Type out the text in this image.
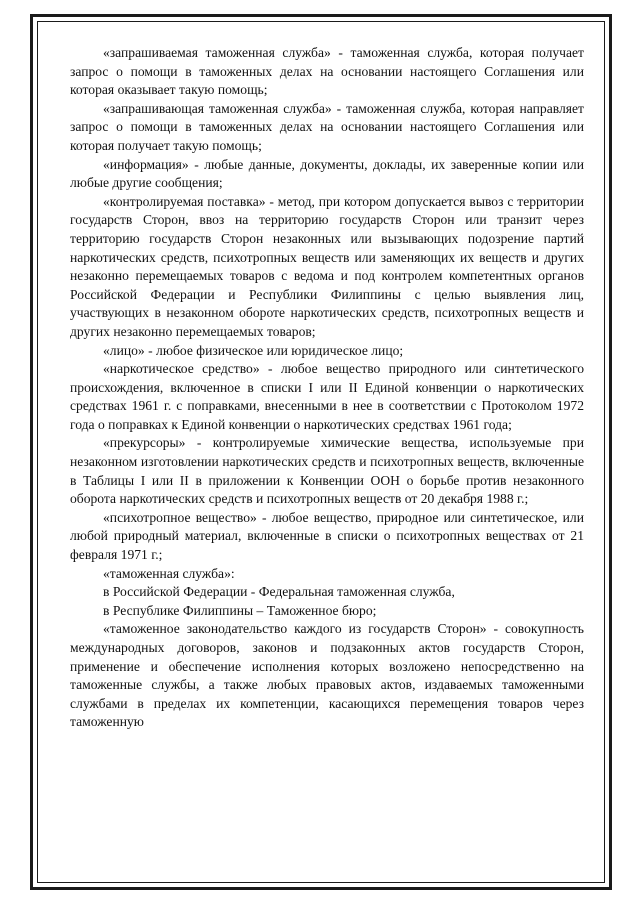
«запрашиваемая таможенная служба» - таможенная служба, которая получает запрос о помощи в таможенных делах на основании настоящего Соглашения или которая оказывает такую помощь;

«запрашивающая таможенная служба» - таможенная служба, которая направляет запрос о помощи в таможенных делах на основании настоящего Соглашения или которая получает такую помощь;

«информация» - любые данные, документы, доклады, их заверенные копии или любые другие сообщения;

«контролируемая поставка» - метод, при котором допускается вывоз с территории государств Сторон, ввоз на территорию государств Сторон или транзит через территорию государств Сторон незаконных или вызывающих подозрение партий наркотических средств, психотропных веществ или заменяющих их веществ и других незаконно перемещаемых товаров с ведома и под контролем компетентных органов Российской Федерации и Республики Филиппины с целью выявления лиц, участвующих в незаконном обороте наркотических средств, психотропных веществ и других незаконно перемещаемых товаров;

«лицо» - любое физическое или юридическое лицо;

«наркотическое средство» - любое вещество природного или синтетического происхождения, включенное в списки I или II Единой конвенции о наркотических средствах 1961 г. с поправками, внесенными в нее в соответствии с Протоколом 1972 года о поправках к Единой конвенции о наркотических средствах 1961 года;

«прекурсоры» - контролируемые химические вещества, используемые при незаконном изготовлении наркотических средств и психотропных веществ, включенные в Таблицы I или II в приложении к Конвенции ООН о борьбе против незаконного оборота наркотических средств и психотропных веществ от 20 декабря 1988 г.;

«психотропное вещество» - любое вещество, природное или синтетическое, или любой природный материал, включенные в списки о психотропных веществах от 21 февраля 1971 г.;

«таможенная служба»:

в Российской Федерации - Федеральная таможенная служба,

в Республике Филиппины – Таможенное бюро;

«таможенное законодательство каждого из государств Сторон» - совокупность международных договоров, законов и подзаконных актов государств Сторон, применение и обеспечение исполнения которых возложено непосредственно на таможенные службы, а также любых правовых актов, издаваемых таможенными службами в пределах их компетенции, касающихся перемещения товаров через таможенную
